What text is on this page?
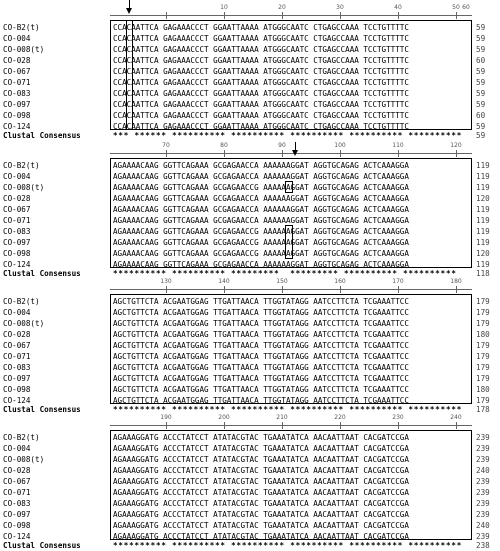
10	20	30	40	50 60
CO-B2(t)	CCACAATTCA GAGAAACCCT GGAATTAAAA ATGGGCAATC CTGAGCCAAA TCCTGTTTTC	59
CO-004	CCACAATTCA GAGAAACCCT GGAATTAAAA ATGGGCAATC CTGAGCCAAA TCCTGTTTTC	59
CO-008(t)	CCACAATTCA GAGAAACCCT GGAATTAAAA ATGGGCAATC CTGAGCCAAA TCCTGTTTTC	59
CO-028	CCACAATTCA GAGAAACCCT GGAATTAAAA ATGGGCAATC CTGAGCCAAA TCCTGTTTTC	60
CO-067	CCACAATTCA GAGAAACCCT GGAATTAAAA ATGGGCAATC CTGAGCCAAA TCCTGTTTTC	59
CO-071	CCACAATTCA GAGAAACCCT GGAATTAAAA ATGGGCAATC CTGAGCCAAA TCCTGTTTTC	59
CO-083	CCACAATTCA GAGAAACCCT GGAATTAAAA ATGGGCAATC CTGAGCCAAA TCCTGTTTTC	59
CO-097	CCACAATTCA GAGAAACCCT GGAATTAAAA ATGGGCAATC CTGAGCCAAA TCCTGTTTTC	59
CO-098	CCACAATTCA GAGAAACCCT GGAATTAAAA ATGGGCAATC CTGAGCCAAA TCCTGTTTTC	60
CO-124	CCACAATTCA GAGAAACCCT GGAATTAAAA ATGGGCAATC CTGAGCCAAA TCCTGTTTTC	59
Clustal Consensus	*** ****** ********** ********** ********** ********** **********	59
70	80	90	100	110	120
CO-B2(t)	AGAAAACAAG GGTTCAGAAA GCGAGAACCA AAAAAAGGAT AGGTGCAGAG ACTCAAAGGA	119
CO-004	AGAAAACAAG GGTTCAGAAA GCGAGAACCA AAAAAAGGAT AGGTGCAGAG ACTCAAAGGA	119
CO-008(t)	AGAAAACAAG GGTTCAGAAA GCGAGAACCG AAAAAAGGAT AGGTGCAGAG ACTCAAAGGA	119
CO-028	AGAAAACAAG GGTTCAGAAA GCGAGAACCA AAAAAAGGAT AGGTGCAGAG ACTCAAAGGA	120
CO-067	AGAAAACAAG GGTTCAGAAA GCGAGAACCA AAAAAAGGAT AGGTGCAGAG ACTCAAAGGA	119
CO-071	AGAAAACAAG GGTTCAGAAA GCGAGAACCA AAAAAAGGAT AGGTGCAGAG ACTCAAAGGA	119
CO-083	AGAAAACAAG GGTTCAGAAA GCGAGAACCG AAAAAAGGAT AGGTGCAGAG ACTCAAAGGA	119
CO-097	AGAAAACAAG GGTTCAGAAA GCGAGAACCG AAAAAAGGAT AGGTGCAGAG ACTCAAAGGA	119
CO-098	AGAAAACAAG GGTTCAGAAA GCGAGAACCG AAAAAAGGAT AGGTGCAGAG ACTCAAAGGA	120
CO-124	AGAAAACAAG GGTTCAGAAA GCGAGAACCA AAAAAAGGAT AGGTGCAGAG ACTCAAAGGA	119
Clustal Consensus	********** ********** *********  ********* ********** **********	118
130	140	150	160	170	180
CO-B2(t)	AGCTGTTCTA ACGAATGGAG TTGATTAACA TTGGTATAGG AATCCTTCTA TCGAAATTCC	179
CO-004	AGCTGTTCTA ACGAATGGAG TTGATTAACA TTGGTATAGG AATCCTTCTA TCGAAATTCC	179
CO-008(t)	AGCTGTTCTA ACGAATGGAG TTGATTAACA TTGGTATAGG AATCCTTCTA TCGAAATTCC	179
CO-028	AGCTGTTCTA ACGAATGGAG TTGATTAACA TTGGTATAGG AATCCTTCTA TCGAAATTCC	180
CO-067	AGCTGTTCTA ACGAATGGAG TTGATTAACA TTGGTATAGG AATCCTTCTA TCGAAATTCC	179
CO-071	AGCTGTTCTA ACGAATGGAG TTGATTAACA TTGGTATAGG AATCCTTCTA TCGAAATTCC	179
CO-083	AGCTGTTCTA ACGAATGGAG TTGATTAACA TTGGTATAGG AATCCTTCTA TCGAAATTCC	179
CO-097	AGCTGTTCTA ACGAATGGAG TTGATTAACA TTGGTATAGG AATCCTTCTA TCGAAATTCC	179
CO-098	AGCTGTTCTA ACGAATGGAG TTGATTAACA TTGGTATAGG AATCCTTCTA TCGAAATTCC	180
CO-124	AGCTGTTCTA ACGAATGGAG TTGATTAACA TTGGTATAGG AATCCTTCTA TCGAAATTCC	179
Clustal Consensus	********** ********** ********** ********** ********** **********	178
190	200	210	220	230	240
CO-B2(t)	AGAAAGGATG ACCCTATCCT ATATACGTAC TGAAATATCA AACAATTAAT CACGATCCGA	239
CO-004	AGAAAGGATG ACCCTATCCT ATATACGTAC TGAAATATCA AACAATTAAT CACGATCCGA	239
CO-008(t)	AGAAAGGATG ACCCTATCCT ATATACGTAC TGAAATATCA AACAATTAAT CACGATCCGA	239
CO-028	AGAAAGGATG ACCCTATCCT ATATACGTAC TGAAATATCA AACAATTAAT CACGATCCGA	240
CO-067	AGAAAGGATG ACCCTATCCT ATATACGTAC TGAAATATCA AACAATTAAT CACGATCCGA	239
CO-071	AGAAAGGATG ACCCTATCCT ATATACGTAC TGAAATATCA AACAATTAAT CACGATCCGA	239
CO-083	AGAAAGGATG ACCCTATCCT ATATACGTAC TGAAATATCA AACAATTAAT CACGATCCGA	239
CO-097	AGAAAGGATG ACCCTATCCT ATATACGTAC TGAAATATCA AACAATTAAT CACGATCCGA	239
CO-098	AGAAAGGATG ACCCTATCCT ATATACGTAC TGAAATATCA AACAATTAAT CACGATCCGA	240
CO-124	AGAAAGGATG ACCCTATCCT ATATACGTAC TGAAATATCA AACAATTAAT CACGATCCGA	239
Clustal Consensus	********** ********** ********** ********** ********** **********	238
